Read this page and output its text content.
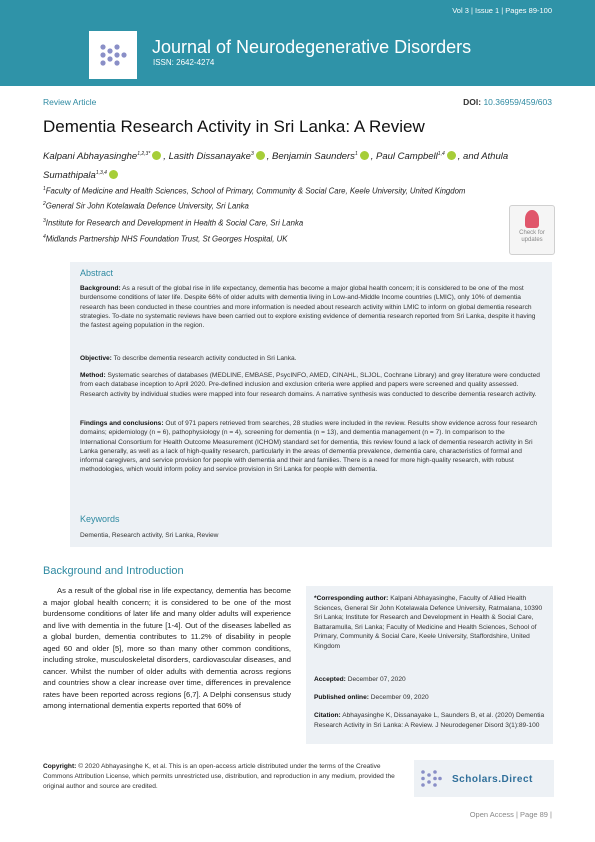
Vol 3 | Issue 1 | Pages 89-100
Journal of Neurodegenerative Disorders
ISSN: 2642-4274
Review Article	DOI: 10.36959/459/603
Dementia Research Activity in Sri Lanka: A Review
Kalpani Abhayasinghe$^{1,2,3*}$ , Lasith Dissanayake$^3$ , Benjamin Saunders$^1$ , Paul Campbell$^{1,4}$ , and Athula Sumathipala$^{1,3,4}$
$^1$Faculty of Medicine and Health Sciences, School of Primary, Community & Social Care, Keele University, United Kingdom
$^2$General Sir John Kotelawala Defence University, Sri Lanka
$^3$Institute for Research and Development in Health & Social Care, Sri Lanka
$^4$Midlands Partnership NHS Foundation Trust, St Georges Hospital, UK
Check for
updates
Abstract
Background: As a result of the global rise in life expectancy, dementia has become a major global health concern; it is considered to be one of the most burdensome conditions of later life. Despite 66% of older adults with dementia living in Low-and-Middle Income countries (LMIC), only 10% of dementia research has been conducted in these countries and more information is needed about research activity within LMIC to inform on global dementia research strategies. To-date no systematic reviews have been carried out to explore existing evidence of dementia research reported from Sri Lanka, despite it having the fastest ageing population in the region.
Objective: To describe dementia research activity conducted in Sri Lanka.
Method: Systematic searches of databases (MEDLINE, EMBASE, PsycINFO, AMED, CINAHL, SLJOL, Cochrane Library) and grey literature were conducted from each database inception to April 2020. Pre-defined inclusion and exclusion criteria were applied and papers were screened and quality assessed. Research activity by individual studies were mapped into four research domains. A narrative synthesis was conducted to describe dementia research activity.
Findings and conclusions: Out of 971 papers retrieved from searches, 28 studies were included in the review. Results show evidence across four research domains; epidemiology (n = 6), pathophysiology (n = 4), screening for dementia (n = 13), and dementia management (n = 7). In comparison to the International Consortium for Health Outcome Measurement (ICHOM) standard set for dementia, this review found a lack of dementia research activity in Sri Lanka generally, as well as a lack of high-quality research, particularly in the areas of dementia prevalence, dementia care, characteristics of formal and informal caregivers, and service provision for people with dementia and their and families. There is a need for more high-quality research, with robust methodologies, which would inform policy and service provision in Sri Lanka for people with dementia.
Keywords
Dementia, Research activity, Sri Lanka, Review
Background and Introduction

As a result of the global rise in life expectancy, dementia has become a major global health concern; it is considered to be one of the most burdensome conditions of later life and many older adults will experience and live with dementia in the future [1-4]. Out of the diseases labelled as a global burden, dementia contributes to 11.2% of disability in people aged 60 and older [5], more so than many other common conditions, including stroke, musculoskeletal disorders, cardiovascular diseases, and cancer. Whilst the number of older adults with dementia across regions and countries show a clear increase over time, differences in prevalence rates have been reported across regions [6,7]. A Delphi consensus study among international dementia experts reported that 60% of

*Corresponding author: Kalpani Abhayasinghe, Faculty of Allied Health Sciences, General Sir John Kotelawala Defence University, Ratmalana, 10390 Sri Lanka; Institute for Research and Development in Health & Social Care, Battaramulla, Sri Lanka; Faculty of Medicine and Health Sciences, School of Primary, Community & Social Care, Keele University, Staffordshire, United Kingdom
Accepted: December 07, 2020
Published online: December 09, 2020
Citation: Abhayasinghe K, Dissanayake L, Saunders B, et al. (2020) Dementia Research Activity in Sri Lanka: A Review. J Neurodegener Disord 3(1):89-100
Copyright: © 2020 Abhayasinghe K, et al. This is an open-access article distributed under the terms of the Creative Commons Attribution License, which permits unrestricted use, distribution, and reproduction in any medium, provided the original author and source are credited.
Scholars.Direct
Open Access | Page 89 |
